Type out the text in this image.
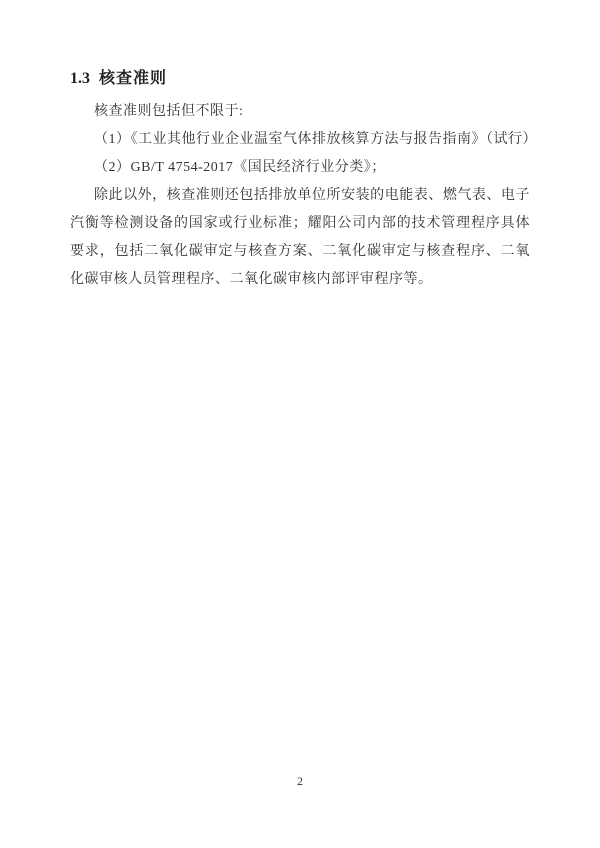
1.3 核查准则

核查准则包括但不限于:

（1）《工业其他行业企业温室气体排放核算方法与报告指南》（试行）

（2）GB/T 4754-2017《国民经济行业分类》；

除此以外，核查准则还包括排放单位所安装的电能表、燃气表、电子汽衡等检测设备的国家或行业标准；耀阳公司内部的技术管理程序具体要求，包括二氧化碳审定与核查方案、二氧化碳审定与核查程序、二氧化碳审核人员管理程序、二氧化碳审核内部评审程序等。

2
